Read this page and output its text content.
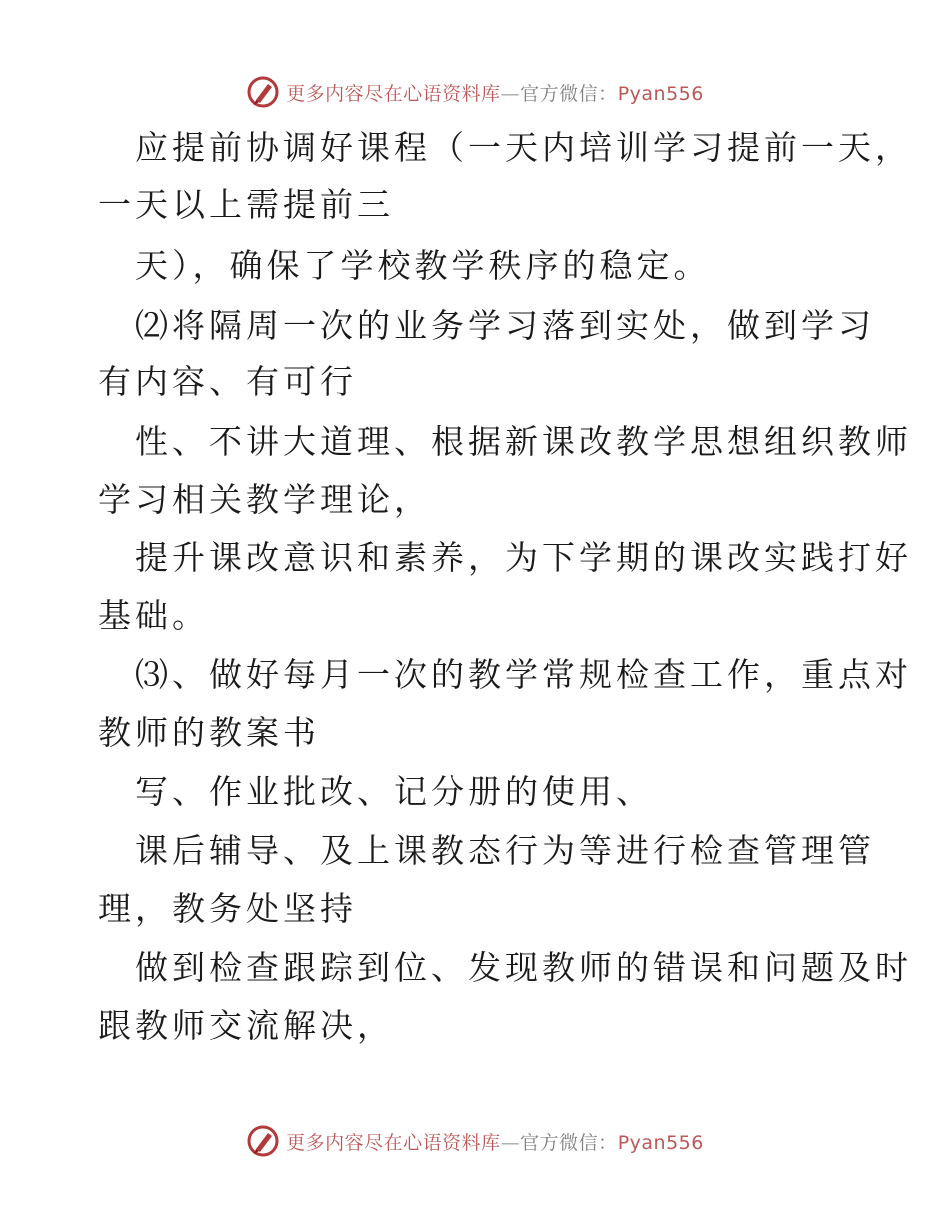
更多内容尽在心语资料库—官方微信：Pyan556
应提前协调好课程（一天内培训学习提前一天，
一天以上需提前三
天），确保了学校教学秩序的稳定。
⑵将隔周一次的业务学习落到实处，做到学习
有内容、有可行
性、不讲大道理、根据新课改教学思想组织教师
学习相关教学理论，
提升课改意识和素养，为下学期的课改实践打好
基础。
⑶、做好每月一次的教学常规检查工作，重点对
教师的教案书
写、作业批改、记分册的使用、
课后辅导、及上课教态行为等进行检查管理管
理，教务处坚持
做到检查跟踪到位、发现教师的错误和问题及时
跟教师交流解决，
更多内容尽在心语资料库—官方微信：Pyan556
